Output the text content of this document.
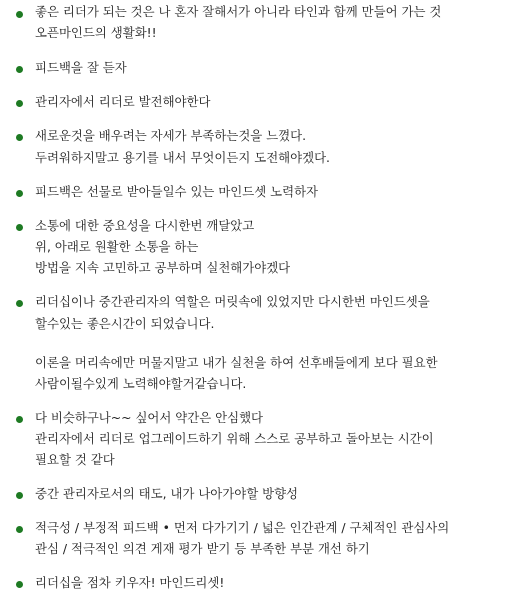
좋은 리더가 되는 것은 나 혼자 잘해서가 아니라 타인과 함께 만들어 가는 것
오픈마인드의 생활화!!
피드백을 잘 듣자
관리자에서 리더로 발전해야한다
새로운것을 배우려는 자세가 부족하는것을 느꼈다.
두려워하지말고 용기를 내서 무엇이든지 도전해야겠다.
피드백은 선물로 받아들일수 있는 마인드셋 노력하자
소통에 대한 중요성을 다시한번 깨달았고
위, 아래로 원활한 소통을 하는
방법을 지속 고민하고 공부하며 실천해가야겠다
리더십이나 중간관리자의 역할은 머릿속에 있었지만 다시한번 마인드셋을
할수있는 좋은시간이 되었습니다.
이론을 머리속에만 머물지말고 내가 실천을 하여 선후배들에게 보다 필요한
사람이될수있게 노력해야할거같습니다.
다 비슷하구나~~ 싶어서 약간은 안심했다
관리자에서 리더로 업그레이드하기 위해 스스로 공부하고 돌아보는 시간이
필요할 것 같다
중간 관리자로서의 태도, 내가 나아가야할 방향성
적극성 / 부정적 피드백 • 먼저 다가기기 / 넓은 인간관계 / 구체적인 관심사의
관심 / 적극적인 의견 게재 평가 받기 등 부족한 부분 개선 하기
리더십을 점차 키우자! 마인드리셋!
